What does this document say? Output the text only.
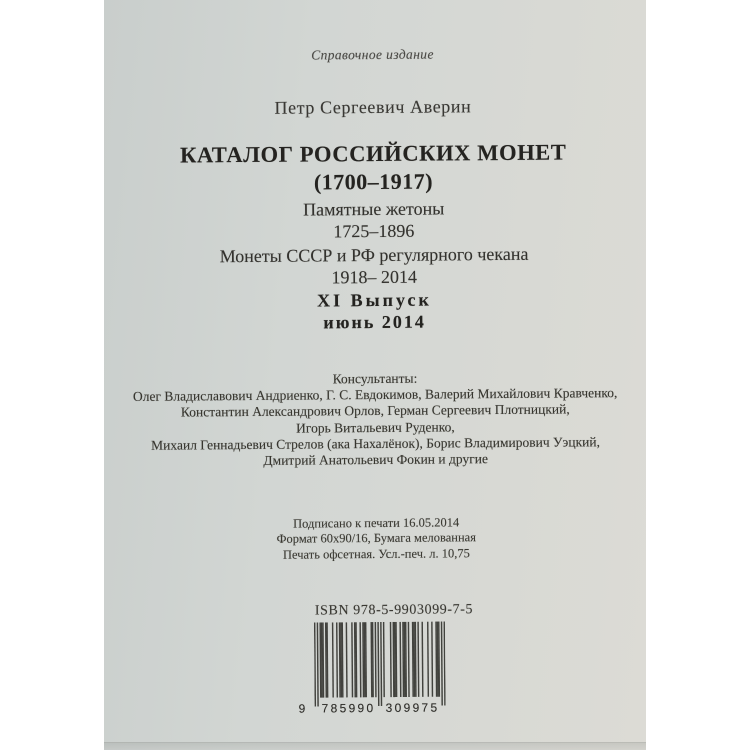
Справочное издание
Петр Сергеевич Аверин
КАТАЛОГ РОССИЙСКИХ МОНЕТ
(1700–1917)
Памятные жетоны
1725–1896
Монеты СССР и РФ регулярного чекана
1918– 2014
XI Выпуск
июнь 2014
Консультанты:
Олег Владиславович Андриенко, Г. С. Евдокимов, Валерий Михайлович Кравченко,
Константин Александрович Орлов, Герман Сергеевич Плотницкий,
Игорь Витальевич Руденко,
Михаил Геннадьевич Стрелов (ака Нахалёнок), Борис Владимирович Уэцкий,
Дмитрий Анатольевич Фокин и другие
Подписано к печати 16.05.2014
Формат 60х90/16, Бумага мелованная
Печать офсетная. Усл.-печ. л. 10,75
ISBN 978-5-9903099-7-5
9 785990 309975
